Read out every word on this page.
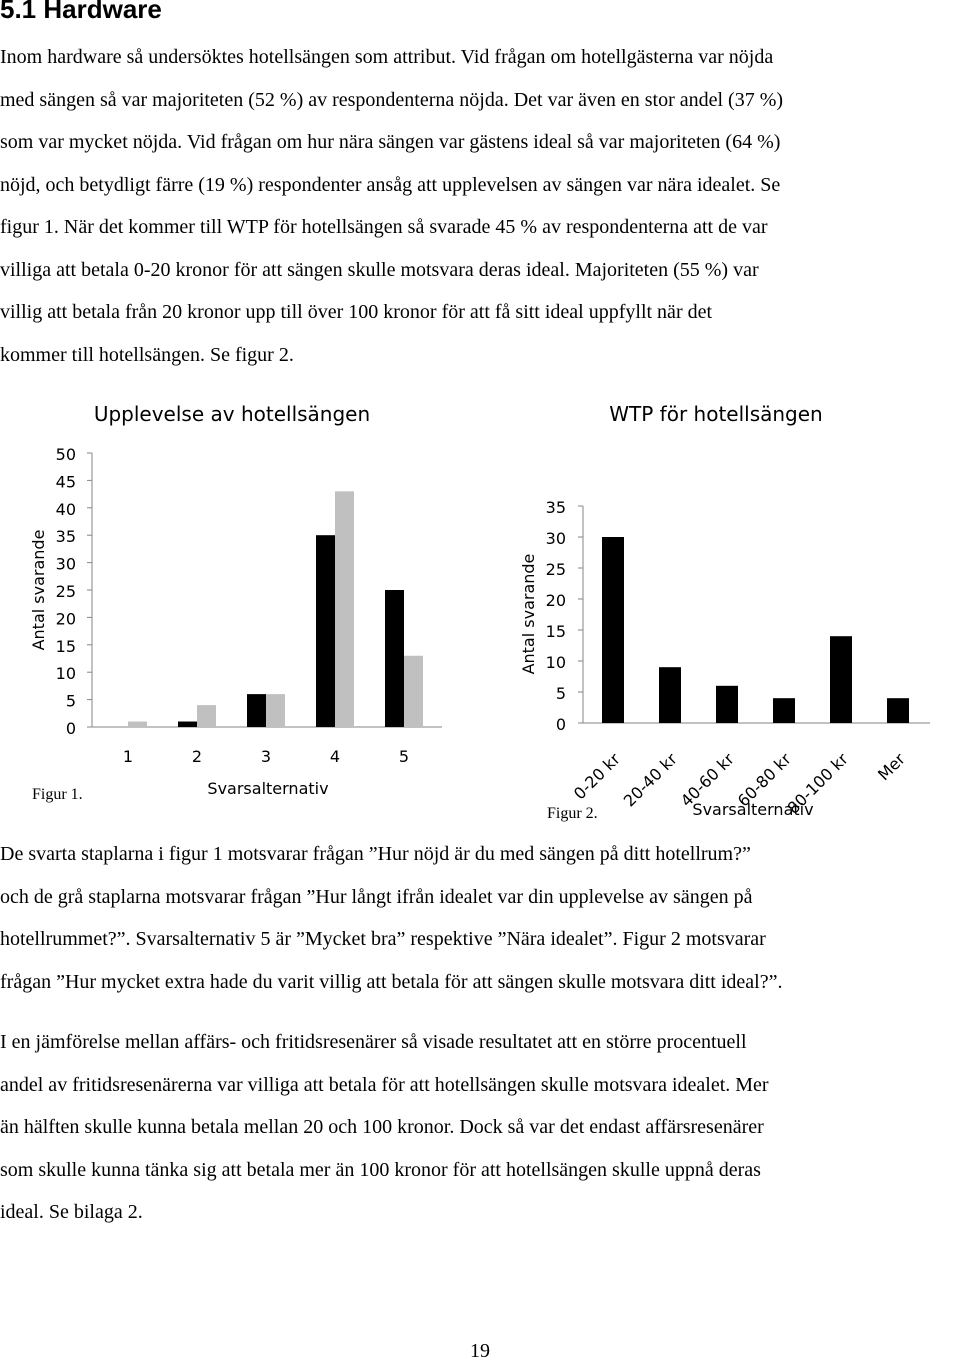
5.1 Hardware
Inom hardware så undersöktes hotellsängen som attribut. Vid frågan om hotellgästerna var nöjda
med sängen så var majoriteten (52 %) av respondenterna nöjda. Det var även en stor andel (37 %)
som var mycket nöjda. Vid frågan om hur nära sängen var gästens ideal så var majoriteten (64 %)
nöjd, och betydligt färre (19 %) respondenter ansåg att upplevelsen av sängen var nära idealet. Se
figur 1. När det kommer till WTP för hotellsängen så svarade 45 % av respondenterna att de var
villiga att betala 0-20 kronor för att sängen skulle motsvara deras ideal. Majoriteten (55 %) var
villig att betala från 20 kronor upp till över 100 kronor för att få sitt ideal uppfyllt när det
kommer till hotellsängen. Se figur 2.
Upplevelse av hotellsängen
0
5
10
15
20
25
30
35
40
45
50
1	2	3	4	5
Svarsalternativ
Antal svarande
WTP för hotellsängen
0
5
10
15
20
25
30
35
0-20 kr
20-40 kr
40-60 kr
60-80 kr
80-100 kr Mer
Svarsalternativ
Antal svarande

Figur 1.

Figur 2.

De svarta staplarna i figur 1 motsvarar frågan ”Hur nöjd är du med sängen på ditt hotellrum?”
och de grå staplarna motsvarar frågan ”Hur långt ifrån idealet var din upplevelse av sängen på
hotellrummet?”. Svarsalternativ 5 är ”Mycket bra” respektive ”Nära idealet”. Figur 2 motsvarar
frågan ”Hur mycket extra hade du varit villig att betala för att sängen skulle motsvara ditt ideal?”.
I en jämförelse mellan affärs- och fritidsresenärer så visade resultatet att en större procentuell
andel av fritidsresenärerna var villiga att betala för att hotellsängen skulle motsvara idealet. Mer
än hälften skulle kunna betala mellan 20 och 100 kronor. Dock så var det endast affärsresenärer
som skulle kunna tänka sig att betala mer än 100 kronor för att hotellsängen skulle uppnå deras
ideal. Se bilaga 2.
19
